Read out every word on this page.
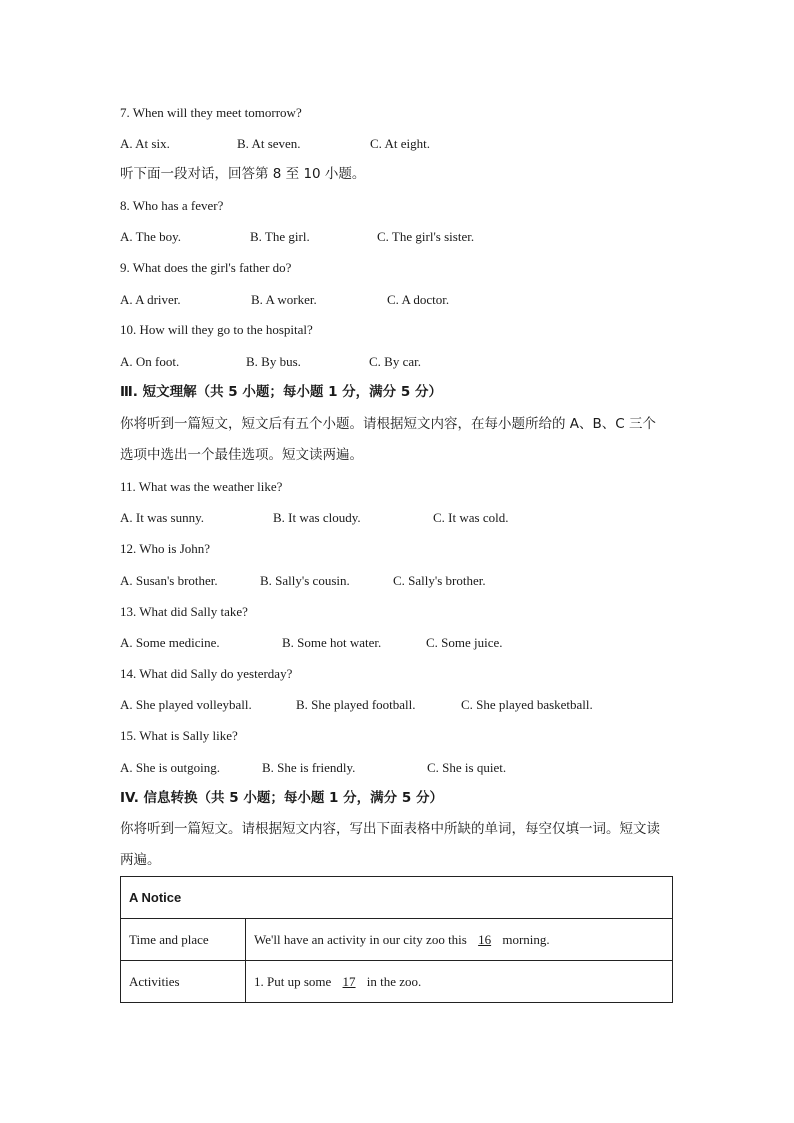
7. When will they meet tomorrow?
A. At six.	B. At seven.	C. At eight.
听下面一段对话，回答第 8 至 10 小题。
8. Who has a fever?
A. The boy.	B. The girl.	C. The girl's sister.
9. What does the girl's father do?
A. A driver.	B. A worker.	C. A doctor.
10. How will they go to the hospital?
A. On foot.	B. By bus.	C. By car.
Ⅲ. 短文理解（共 5 小题；每小题 1 分，满分 5 分）
你将听到一篇短文，短文后有五个小题。请根据短文内容，在每小题所给的 A、B、C 三个
选项中选出一个最佳选项。短文读两遍。
11. What was the weather like?
A. It was sunny.	B. It was cloudy.	C. It was cold.
12. Who is John?
A. Susan's brother.	B. Sally's cousin.	C. Sally's brother.
13. What did Sally take?
A. Some medicine.	B. Some hot water.	C. Some juice.
14. What did Sally do yesterday?
A. She played volleyball.	B. She played football.	C. She played basketball.
15. What is Sally like?
A. She is outgoing.	B. She is friendly.	C. She is quiet.
IV. 信息转换（共 5 小题；每小题 1 分，满分 5 分）
你将听到一篇短文。请根据短文内容，写出下面表格中所缺的单词，每空仅填一词。短文读
两遍。
A Notice	
Time and place	We'll have an activity in our city zoo this 16 morning.
Activities	1. Put up some 17 in the zoo.
